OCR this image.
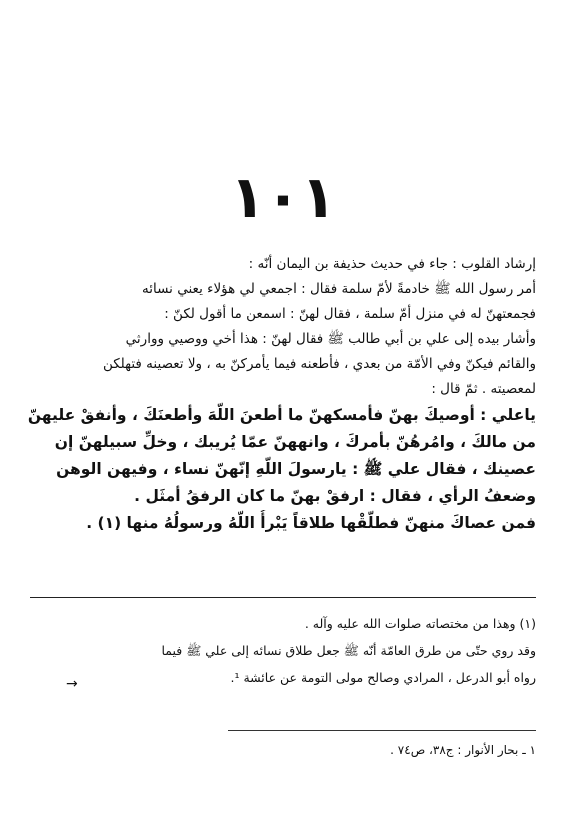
١٠١

إرشاد القلوب : جاء في حديث حذيفة بن اليمان أنّه :

أمر رسول الله ﷺ خادمةً لأمّ سلمة فقال : اجمعي لي هؤلاء يعني نسائه

فجمعتهنّ له في منزل أمّ سلمة ، فقال لهنّ : اسمعن ما أقول لكنّ :

وأشار بيده إلى علي بن أبي طالب ﷺ فقال لهنّ : هذا أخي ووصيي ووارثي

والقائم فيكنّ وفي الأمّة من بعدي ، فأطعنه فيما يأمركنّ به ، ولا تعصينه فتهلكن

لمعصيته . ثمّ قال :

ياعلي : أوصيكَ بهنّ فأمسكهنّ ما أطعنَ اللّهَ وأطعنَكَ ، وأنفقْ عليهنّ

من مالكَ ، وامُرهُنّ بأمركَ ، وانههنّ عمّا يُريبك ، وخلِّ سبيلهنّ إن

عصينك ، فقال علي ﷺ : يارسولَ اللّهِ إنّهنّ نساء ، وفيهن الوهن

وضعفُ الرأي ، فقال : ارفقْ بهنّ ما كان الرفقُ أمثَل .

فمن عصاكَ منهنّ فطلّقْها طلاقاً يَبْرأُ اللّهُ ورسولُهُ منها (١) .

(١) وهذا من مختصاته صلوات الله عليه وآله .

وقد روي حتّى من طرق العامّة أنّه ﷺ جعل طلاق نسائه إلى علي ﷺ فيما

رواه أبو الدرعل ، المرادي وصالح مولى التومة عن عائشة ¹.

→

١ ـ بحار الأنوار : ج٣٨، ص٧٤ .
